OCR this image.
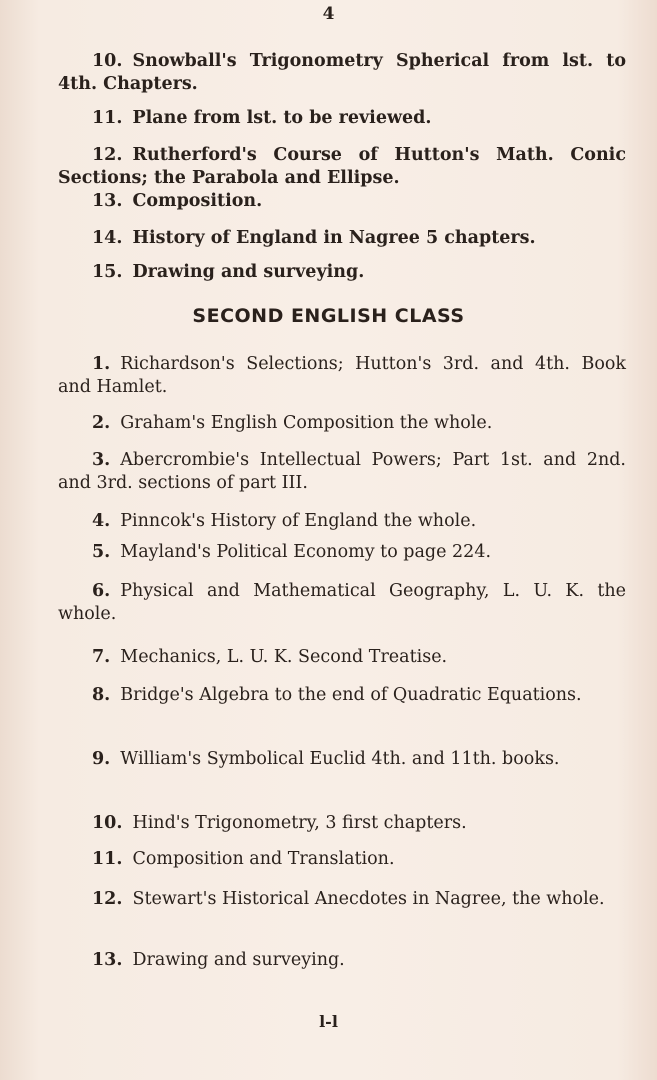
4
10. Snowball's Trigonometry Spherical from lst. to 4th. Chapters.
11. Plane from lst. to be reviewed.
12. Rutherford's Course of Hutton's Math. Conic Sections; the Parabola and Ellipse.
13. Composition.
14. History of England in Nagree 5 chapters.
15. Drawing and surveying.
SECOND ENGLISH CLASS
1. Richardson's Selections; Hutton's 3rd. and 4th. Book and Hamlet.
2. Graham's English Composition the whole.
3. Abercrombie's Intellectual Powers; Part 1st. and 2nd. and 3rd. sections of part III.
4. Pinncok's History of England the whole.
5. Mayland's Political Economy to page 224.
6. Physical and Mathematical Geography, L. U. K. the whole.
7. Mechanics, L. U. K. Second Treatise.
8. Bridge's Algebra to the end of Quadratic Equations.
9. William's Symbolical Euclid 4th. and 11th. books.
10. Hind's Trigonometry, 3 first chapters.
11. Composition and Translation.
12. Stewart's Historical Anecdotes in Nagree, the whole.
13. Drawing and surveying.
l-l
